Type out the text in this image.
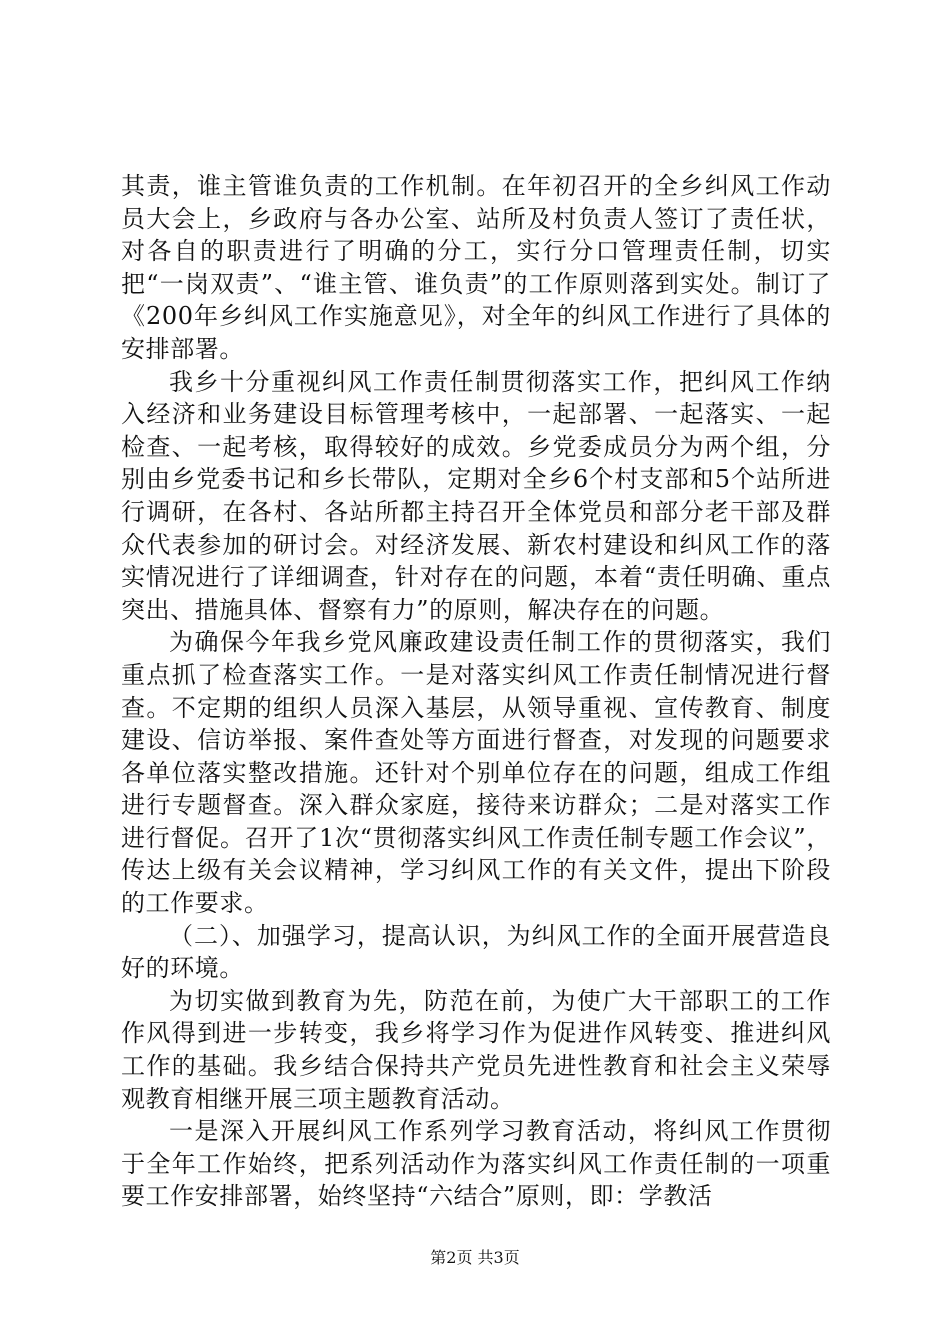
其责，谁主管谁负责的工作机制。在年初召开的全乡纠风工作动员大会上，乡政府与各办公室、站所及村负责人签订了责任状，对各自的职责进行了明确的分工，实行分口管理责任制，切实把“一岗双责”、“谁主管、谁负责”的工作原则落到实处。制订了《200年乡纠风工作实施意见》，对全年的纠风工作进行了具体的安排部署。

我乡十分重视纠风工作责任制贯彻落实工作，把纠风工作纳入经济和业务建设目标管理考核中，一起部署、一起落实、一起检查、一起考核，取得较好的成效。乡党委成员分为两个组，分别由乡党委书记和乡长带队，定期对全乡6个村支部和5个站所进行调研，在各村、各站所都主持召开全体党员和部分老干部及群众代表参加的研讨会。对经济发展、新农村建设和纠风工作的落实情况进行了详细调查，针对存在的问题，本着“责任明确、重点突出、措施具体、督察有力”的原则，解决存在的问题。

为确保今年我乡党风廉政建设责任制工作的贯彻落实，我们重点抓了检查落实工作。一是对落实纠风工作责任制情况进行督查。不定期的组织人员深入基层，从领导重视、宣传教育、制度建设、信访举报、案件查处等方面进行督查，对发现的问题要求各单位落实整改措施。还针对个别单位存在的问题，组成工作组进行专题督查。深入群众家庭，接待来访群众；二是对落实工作进行督促。召开了1次“贯彻落实纠风工作责任制专题工作会议”，传达上级有关会议精神，学习纠风工作的有关文件，提出下阶段的工作要求。

（二）、加强学习，提高认识，为纠风工作的全面开展营造良好的环境。

为切实做到教育为先，防范在前，为使广大干部职工的工作作风得到进一步转变，我乡将学习作为促进作风转变、推进纠风工作的基础。我乡结合保持共产党员先进性教育和社会主义荣辱观教育相继开展三项主题教育活动。

一是深入开展纠风工作系列学习教育活动，将纠风工作贯彻于全年工作始终，把系列活动作为落实纠风工作责任制的一项重要工作安排部署，始终坚持“六结合”原则，即：学教活

第2页 共3页
